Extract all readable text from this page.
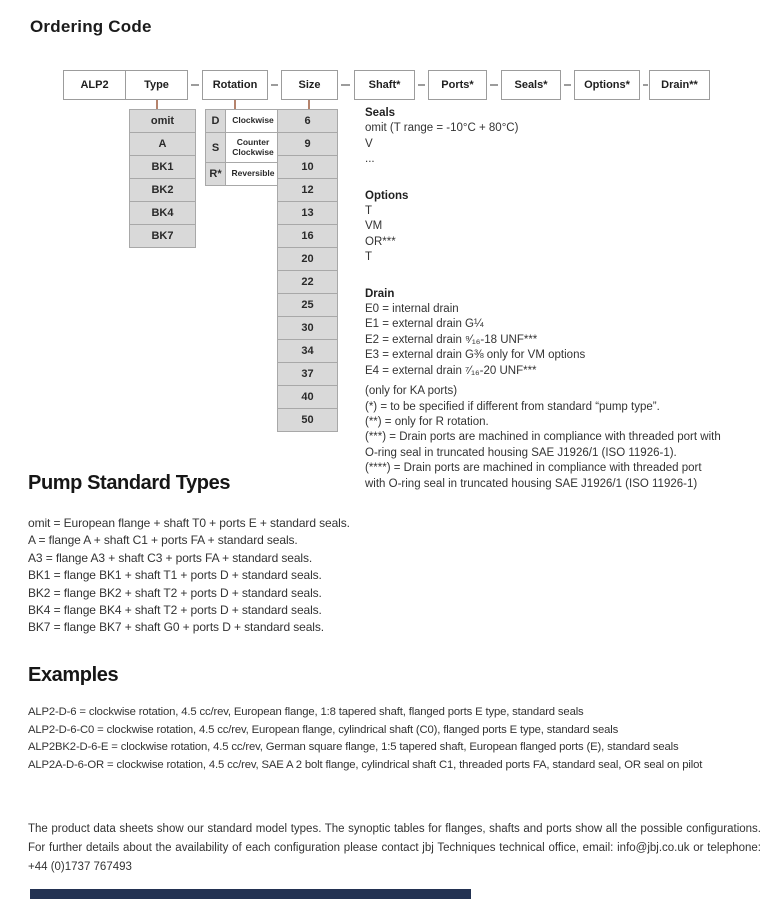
Ordering Code
ALP2	Type	Rotation	Size	Shaft*	Ports*	Seals*	Options*	Drain**
omit
A
BK1
BK2
BK4
BK7
D	Clockwise
S	Counter Clockwise
R*	Reversible
6
9
10
12
13
16
20
22
25
30
34
37
40
50
Seals
omit (T range = -10°C + 80°C)
V
...
Options
T
VM
OR***
T
Drain
E0 = internal drain
E1 = external drain G¼
E2 = external drain ⁹⁄₁₆-18 UNF***
E3 = external drain G⅜ only for VM options
E4 = external drain ⁷⁄₁₆-20 UNF***
(only for KA ports)
(*) = to be specified if different from standard “pump type”.
(**) = only for R rotation.
(***) = Drain ports are machined in compliance with threaded port with
O-ring seal in truncated housing SAE J1926/1 (ISO 11926-1).
(****) = Drain ports are machined in compliance with threaded port
with O-ring seal in truncated housing SAE J1926/1 (ISO 11926-1)
Pump Standard Types
omit = European flange + shaft T0 + ports E + standard seals.
A = flange A + shaft C1 + ports FA + standard seals.
A3 = flange A3 + shaft C3 + ports FA + standard seals.
BK1 = flange BK1 + shaft T1 + ports D + standard seals.
BK2 = flange BK2 + shaft T2 + ports D + standard seals.
BK4 = flange BK4 + shaft T2 + ports D + standard seals.
BK7 = flange BK7 + shaft G0 + ports D + standard seals.
Examples
ALP2-D-6 = clockwise rotation, 4.5 cc/rev, European flange, 1:8 tapered shaft, flanged ports E type, standard seals
ALP2-D-6-C0 = clockwise rotation, 4.5 cc/rev, European flange, cylindrical shaft (C0), flanged ports E type, standard seals
ALP2BK2-D-6-E = clockwise rotation, 4.5 cc/rev, German square flange, 1:5 tapered shaft, European flanged ports (E), standard seals
ALP2A-D-6-OR = clockwise rotation, 4.5 cc/rev, SAE A 2 bolt flange, cylindrical shaft C1, threaded ports FA, standard seal, OR seal on pilot
The product data sheets show our standard model types. The synoptic tables for flanges, shafts and ports show all the possible configurations. For further details about the availability of each configuration please contact jbj Techniques technical office, email: info@jbj.co.uk or telephone: +44 (0)1737 767493
